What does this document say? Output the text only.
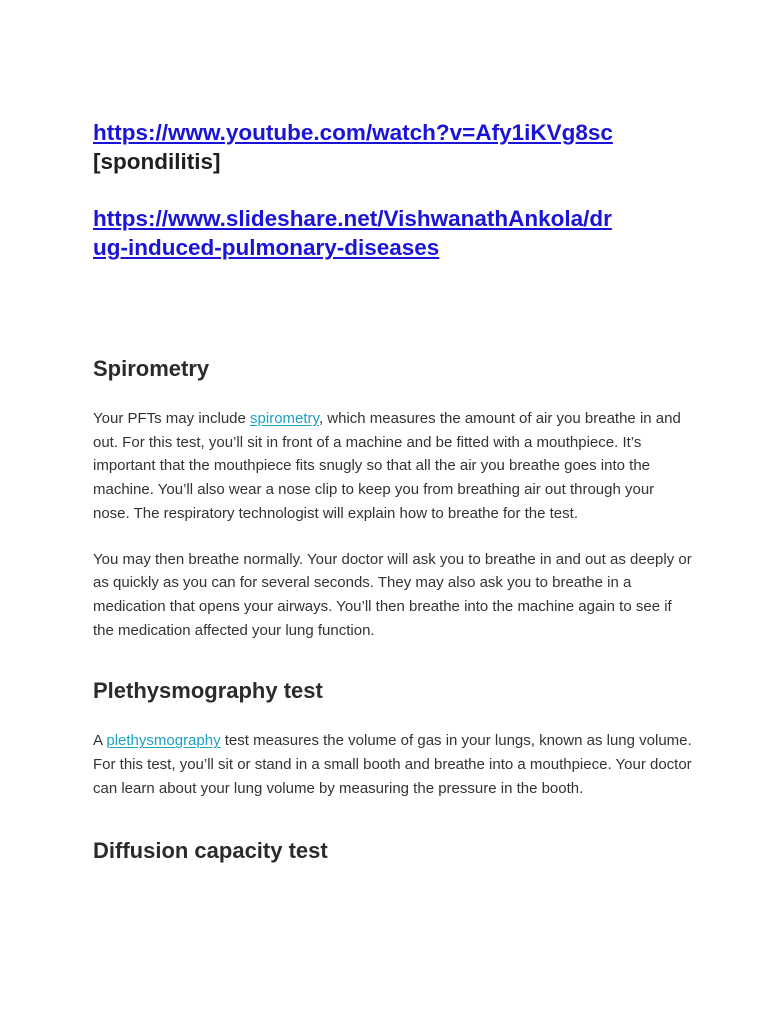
https://www.youtube.com/watch?v=Afy1iKVg8sc
[spondilitis]
https://www.slideshare.net/VishwanathAnkola/dr
ug-induced-pulmonary-diseases
Spirometry

Your PFTs may include spirometry, which measures the amount of air you breathe in and out. For this test, you’ll sit in front of a machine and be fitted with a mouthpiece. It’s important that the mouthpiece fits snugly so that all the air you breathe goes into the machine. You’ll also wear a nose clip to keep you from breathing air out through your nose. The respiratory technologist will explain how to breathe for the test.

You may then breathe normally. Your doctor will ask you to breathe in and out as deeply or as quickly as you can for several seconds. They may also ask you to breathe in a medication that opens your airways. You’ll then breathe into the machine again to see if the medication affected your lung function.

Plethysmography test

A plethysmography test measures the volume of gas in your lungs, known as lung volume. For this test, you’ll sit or stand in a small booth and breathe into a mouthpiece. Your doctor can learn about your lung volume by measuring the pressure in the booth.

Diffusion capacity test
